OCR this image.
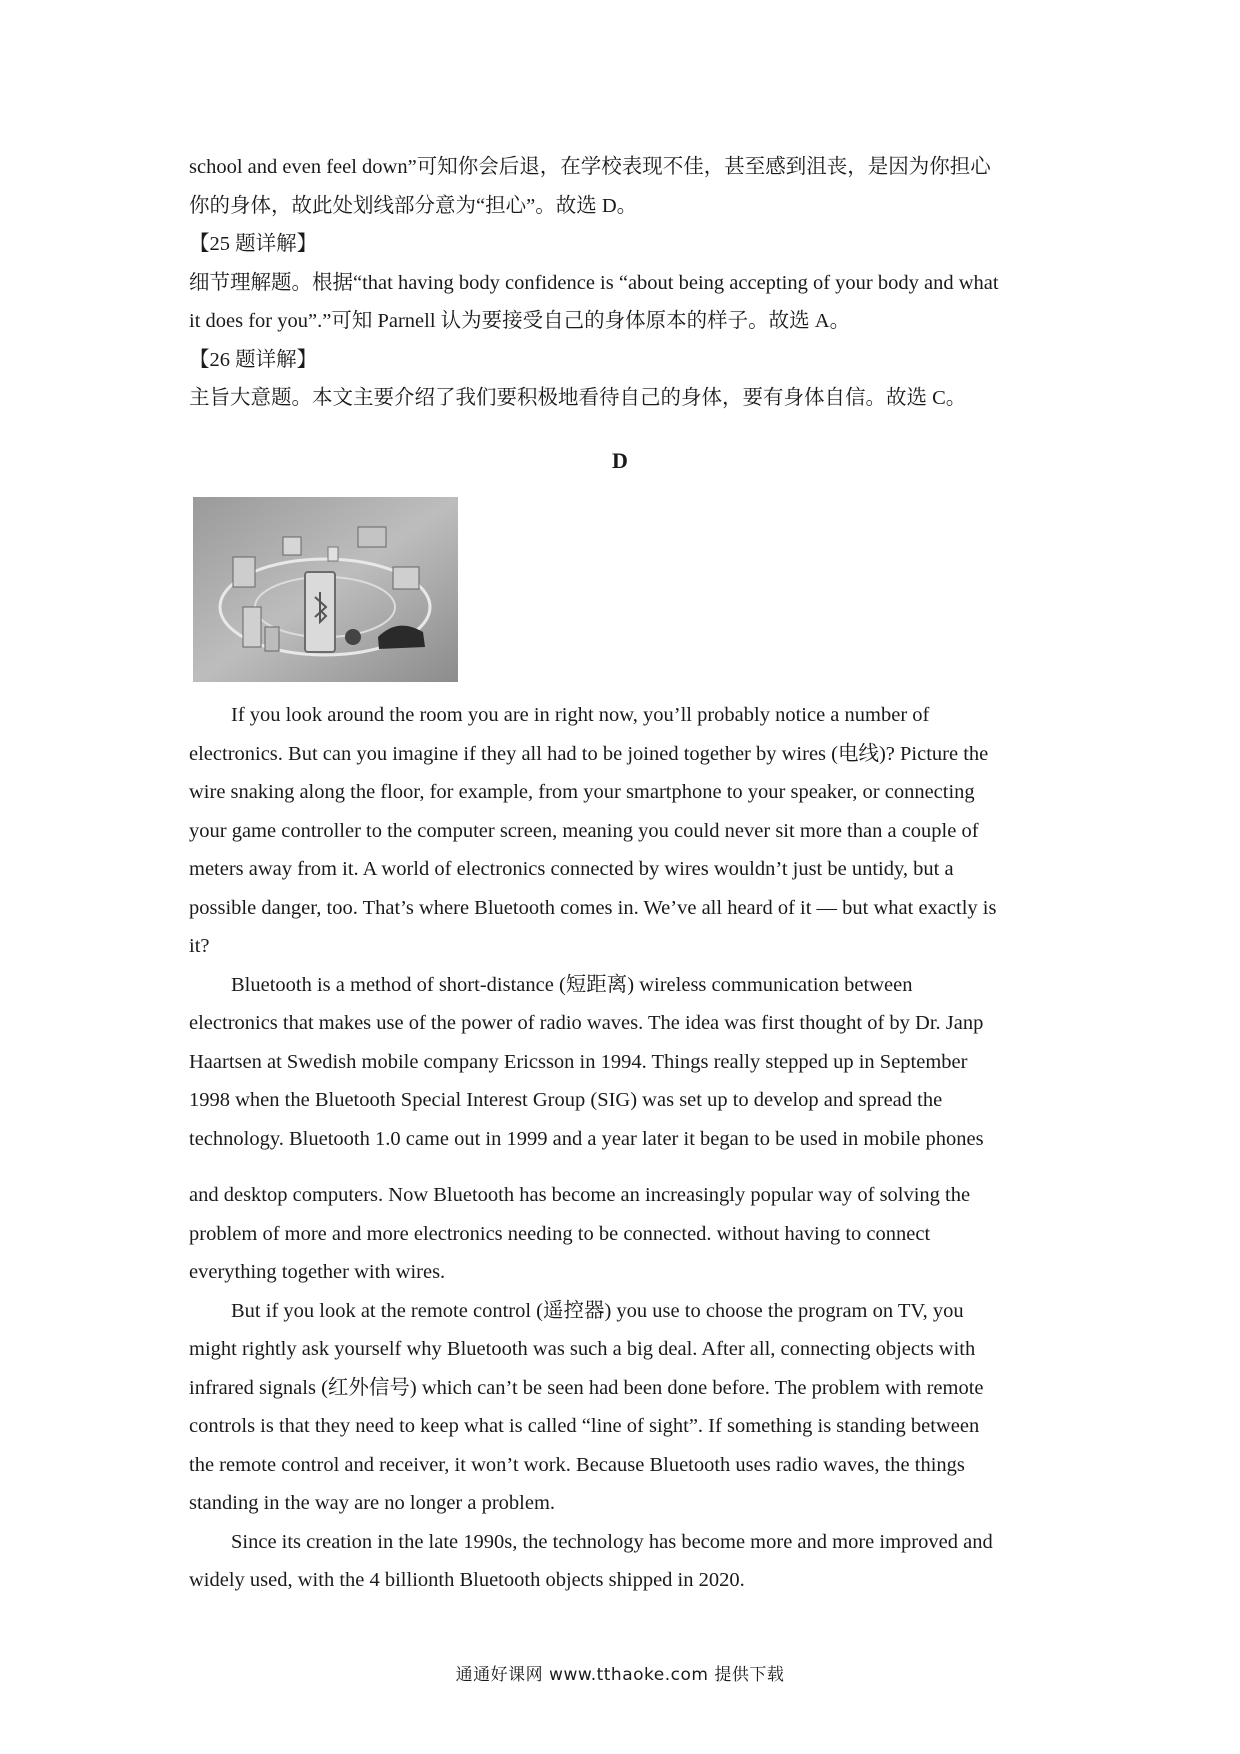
school and even feel down”可知你会后退，在学校表现不佳，甚至感到沮丧，是因为你担心
你的身体，故此处划线部分意为“担心”。故选 D。
【25 题详解】
细节理解题。根据“that having body confidence is “about being accepting of your body and what
it does for you”.”可知 Parnell 认为要接受自己的身体原本的样子。故选 A。
【26 题详解】
主旨大意题。本文主要介绍了我们要积极地看待自己的身体，要有身体自信。故选 C。
D
If you look around the room you are in right now, you’ll probably notice a number of
electronics. But can you imagine if they all had to be joined together by wires (电线)? Picture the
wire snaking along the floor, for example, from your smartphone to your speaker, or connecting
your game controller to the computer screen, meaning you could never sit more than a couple of
meters away from it. A world of electronics connected by wires wouldn’t just be untidy, but a
possible danger, too. That’s where Bluetooth comes in. We’ve all heard of it — but what exactly is
it?
Bluetooth is a method of short-distance (短距离) wireless communication between
electronics that makes use of the power of radio waves. The idea was first thought of by Dr. Janp
Haartsen at Swedish mobile company Ericsson in 1994. Things really stepped up in September
1998 when the Bluetooth Special Interest Group (SIG) was set up to develop and spread the
technology. Bluetooth 1.0 came out in 1999 and a year later it began to be used in mobile phones
and desktop computers. Now Bluetooth has become an increasingly popular way of solving the
problem of more and more electronics needing to be connected. without having to connect
everything together with wires.
But if you look at the remote control (遥控器) you use to choose the program on TV, you
might rightly ask yourself why Bluetooth was such a big deal. After all, connecting objects with
infrared signals (红外信号) which can’t be seen had been done before. The problem with remote
controls is that they need to keep what is called “line of sight”. If something is standing between
the remote control and receiver, it won’t work. Because Bluetooth uses radio waves, the things
standing in the way are no longer a problem.
Since its creation in the late 1990s, the technology has become more and more improved and
widely used, with the 4 billionth Bluetooth objects shipped in 2020.
通通好课网 www.tthaoke.com 提供下载
